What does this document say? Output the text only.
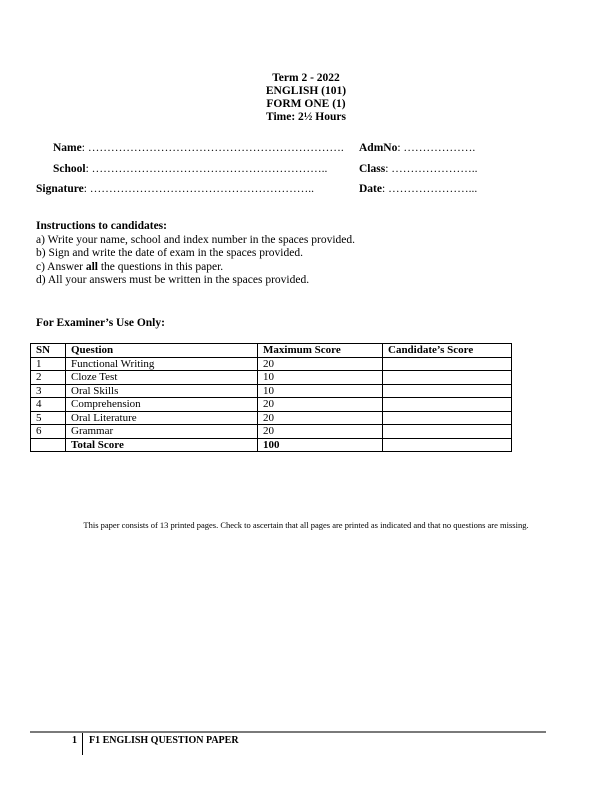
Term 2 - 2022
ENGLISH (101)
FORM ONE (1)
Time: 2½ Hours
Name: …………………………………………………………. AdmNo: ……………….
School: ……………………………………………………..	Class: …………………..
Signature: …………………………………………………..	Date: …………………...
Instructions to candidates:
a) Write your name, school and index number in the spaces provided.
b) Sign and write the date of exam in the spaces provided.
c) Answer all the questions in this paper.
d) All your answers must be written in the spaces provided.
For Examiner’s Use Only:
SN	Question	Maximum Score	Candidate’s Score
1	Functional Writing	20	
2	Cloze Test	10	
3	Oral Skills	10	
4	Comprehension	20	
5	Oral Literature	20	
6	Grammar	20	
	Total Score	100	
This paper consists of 13 printed pages. Check to ascertain that all pages are printed as indicated and that no questions are missing.
1 F1 ENGLISH QUESTION PAPER
